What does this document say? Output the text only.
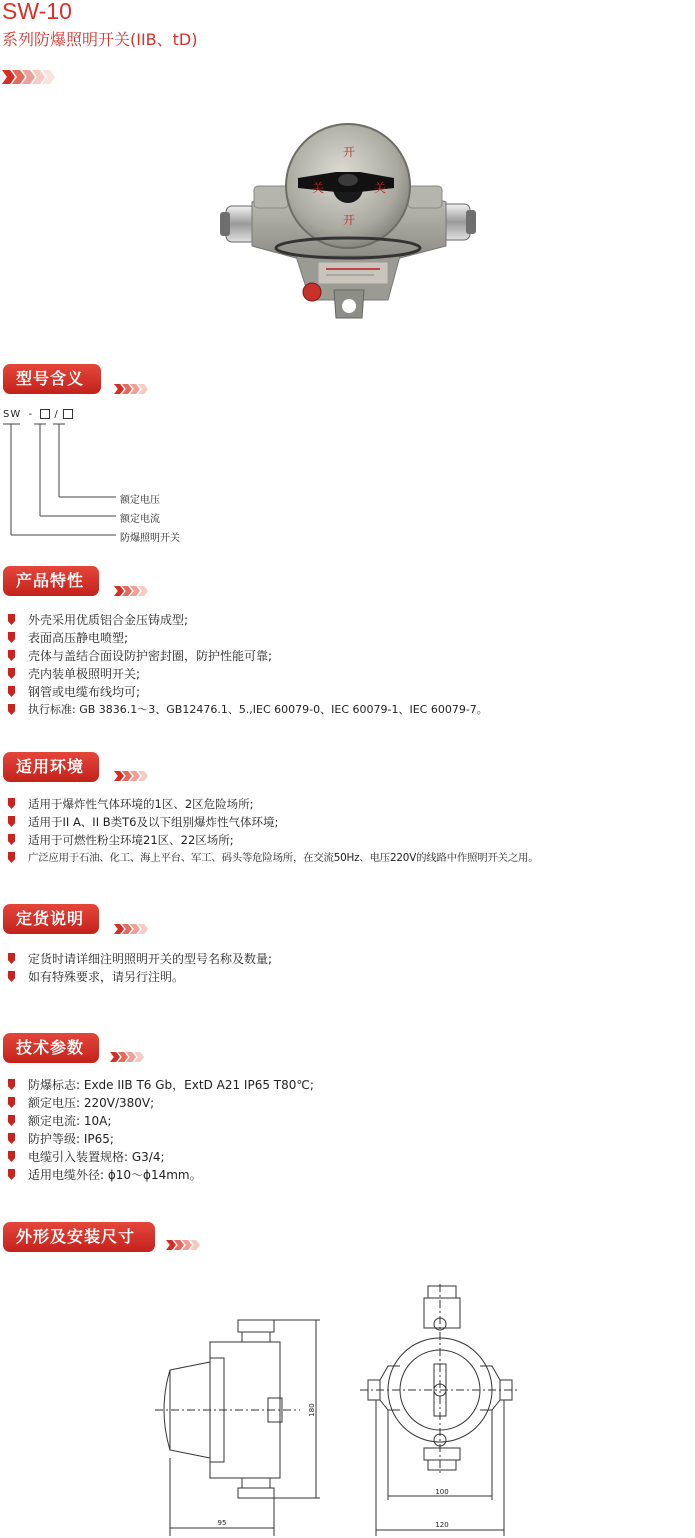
SW-10
系列防爆照明开关(IIB、tD)
开
关
开
关
型号含义
SW - /
额定电压
额定电流
防爆照明开关
产品特性
外壳采用优质铝合金压铸成型;
表面高压静电喷塑;
壳体与盖结合面设防护密封圈，防护性能可靠;
壳内装单极照明开关;
钢管或电缆布线均可;
执行标准: GB 3836.1～3、GB12476.1、5.,IEC 60079-0、IEC 60079-1、IEC 60079-7。
适用环境
适用于爆炸性气体环境的1区、2区危险场所;
适用于II A、II B类T6及以下组别爆炸性气体环境;
适用于可燃性粉尘环境21区、22区场所;
广泛应用于石油、化工、海上平台、军工、码头等危险场所，在交流50Hz、电压220V的线路中作照明开关之用。
定货说明
定货时请详细注明照明开关的型号名称及数量;
如有特殊要求，请另行注明。
技术参数
防爆标志: Exde IIB T6 Gb，ExtD A21 IP65 T80℃;
额定电压: 220V/380V;
额定电流: 10A;
防护等级: IP65;
电缆引入装置规格: G3/4;
适用电缆外径: ϕ10～ϕ14mm。
外形及安装尺寸
180
95
100
120
